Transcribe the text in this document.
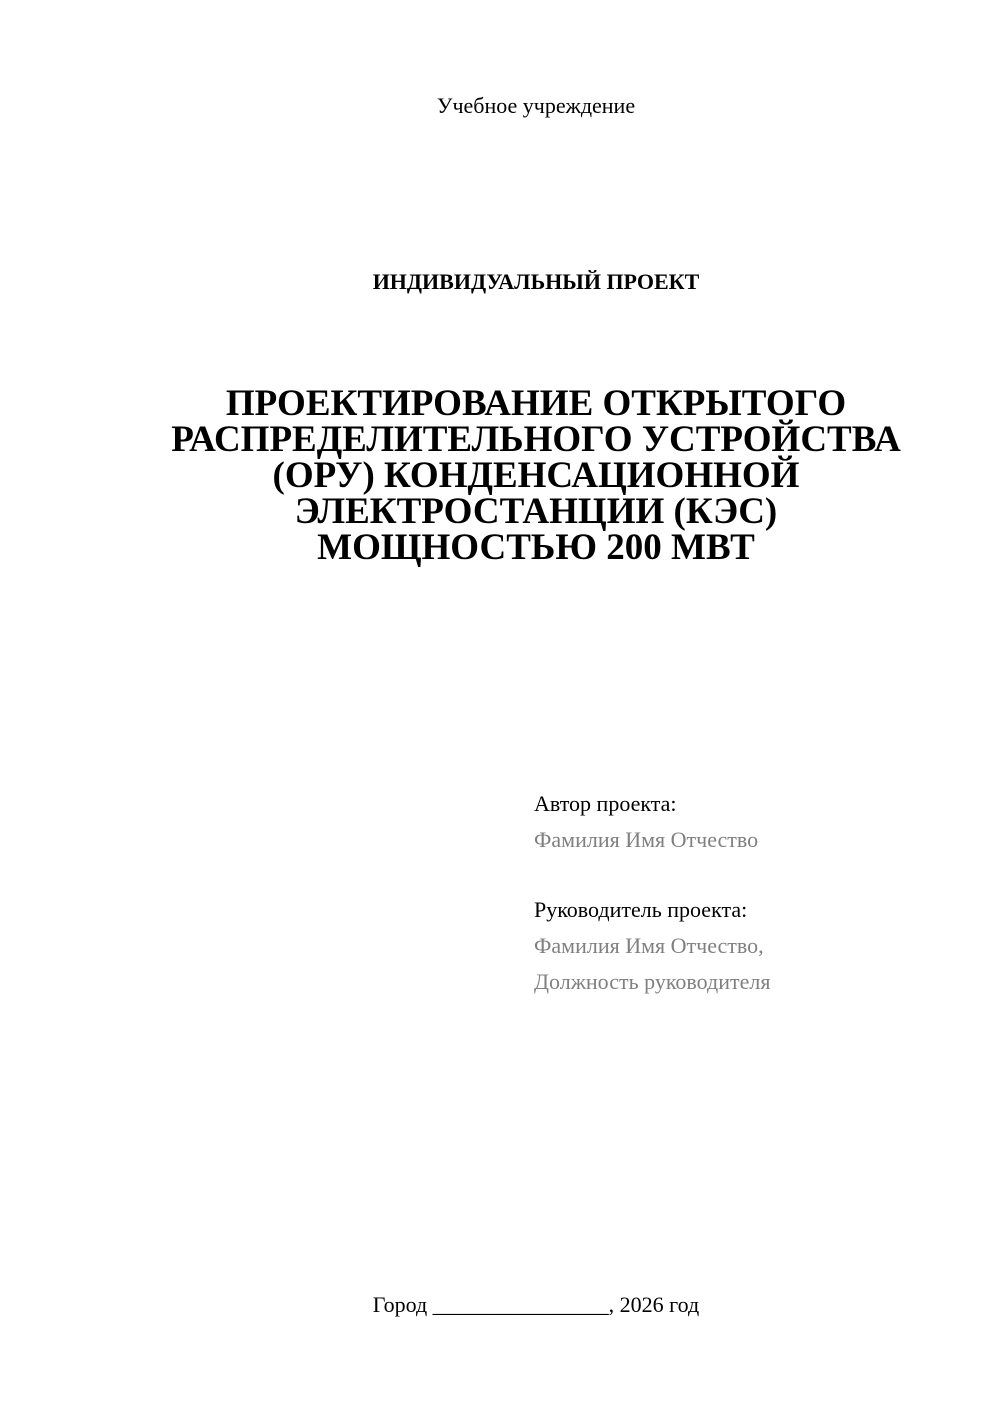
Учебное учреждение
ИНДИВИДУАЛЬНЫЙ ПРОЕКТ
ПРОЕКТИРОВАНИЕ ОТКРЫТОГО
РАСПРЕДЕЛИТЕЛЬНОГО УСТРОЙСТВА
(ОРУ) КОНДЕНСАЦИОННОЙ
ЭЛЕКТРОСТАНЦИИ (КЭС)
МОЩНОСТЬЮ 200 МВТ
Автор проекта:
Фамилия Имя Отчество
Руководитель проекта:
Фамилия Имя Отчество,
Должность руководителя
Город ________________, 2026 год
